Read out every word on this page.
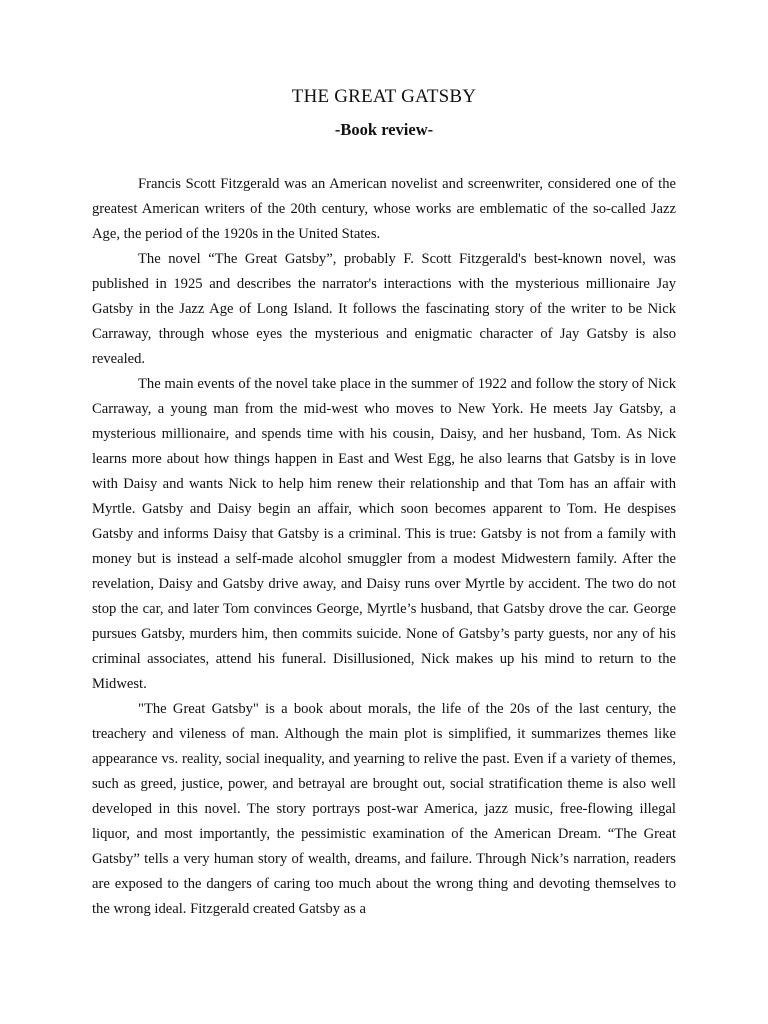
THE GREAT GATSBY
-Book review-

Francis Scott Fitzgerald was an American novelist and screenwriter, considered one of the greatest American writers of the 20th century, whose works are emblematic of the so-called Jazz Age, the period of the 1920s in the United States.

The novel “The Great Gatsby”, probably F. Scott Fitzgerald's best-known novel, was published in 1925 and describes the narrator's interactions with the mysterious millionaire Jay Gatsby in the Jazz Age of Long Island. It follows the fascinating story of the writer to be Nick Carraway, through whose eyes the mysterious and enigmatic character of Jay Gatsby is also revealed.

The main events of the novel take place in the summer of 1922 and follow the story of Nick Carraway, a young man from the mid-west who moves to New York. He meets Jay Gatsby, a mysterious millionaire, and spends time with his cousin, Daisy, and her husband, Tom. As Nick learns more about how things happen in East and West Egg, he also learns that Gatsby is in love with Daisy and wants Nick to help him renew their relationship and that Tom has an affair with Myrtle. Gatsby and Daisy begin an affair, which soon becomes apparent to Tom. He despises Gatsby and informs Daisy that Gatsby is a criminal. This is true: Gatsby is not from a family with money but is instead a self-made alcohol smuggler from a modest Midwestern family. After the revelation, Daisy and Gatsby drive away, and Daisy runs over Myrtle by accident. The two do not stop the car, and later Tom convinces George, Myrtle’s husband, that Gatsby drove the car. George pursues Gatsby, murders him, then commits suicide. None of Gatsby’s party guests, nor any of his criminal associates, attend his funeral. Disillusioned, Nick makes up his mind to return to the Midwest.

"The Great Gatsby" is a book about morals, the life of the 20s of the last century, the treachery and vileness of man. Although the main plot is simplified, it summarizes themes like appearance vs. reality, social inequality, and yearning to relive the past. Even if a variety of themes, such as greed, justice, power, and betrayal are brought out, social stratification theme is also well developed in this novel. The story portrays post-war America, jazz music, free-flowing illegal liquor, and most importantly, the pessimistic examination of the American Dream. “The Great Gatsby” tells a very human story of wealth, dreams, and failure. Through Nick’s narration, readers are exposed to the dangers of caring too much about the wrong thing and devoting themselves to the wrong ideal. Fitzgerald created Gatsby as a
